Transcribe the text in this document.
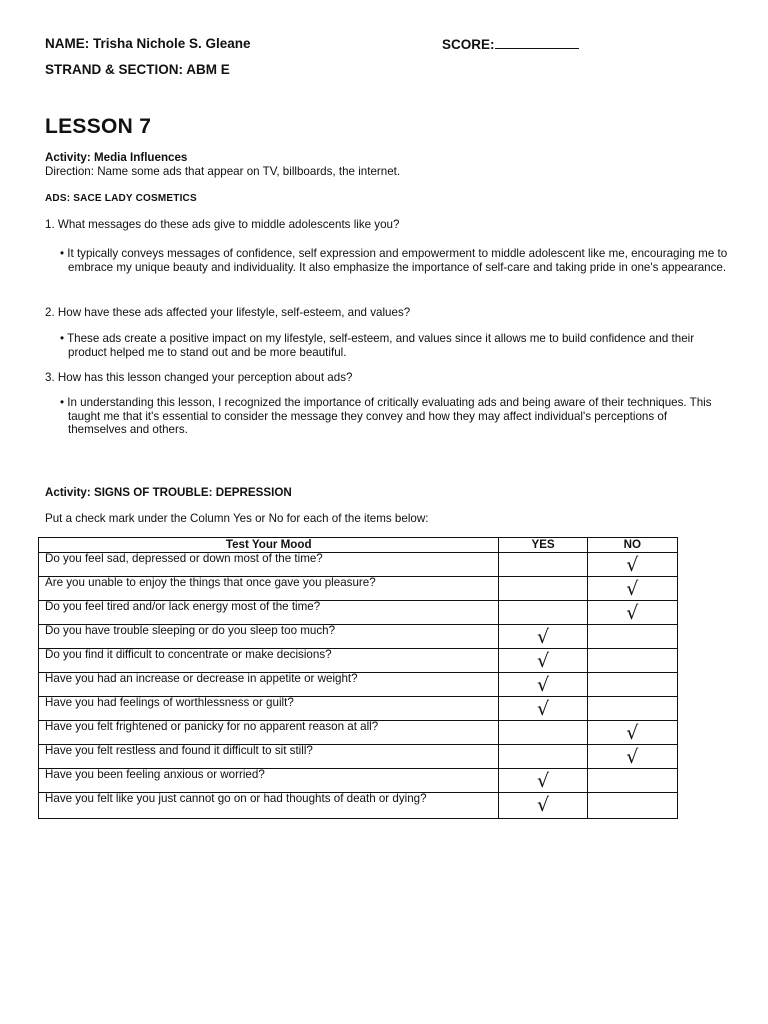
NAME: Trisha Nichole S. Gleane	SCORE:
STRAND & SECTION: ABM E
LESSON 7
Activity: Media Influences
Direction: Name some ads that appear on TV, billboards, the internet.
ADS: SACE LADY COSMETICS
1. What messages do these ads give to middle adolescents like you?
• It typically conveys messages of confidence, self expression and empowerment to middle adolescent like me, encouraging me to embrace my unique beauty and individuality. It also emphasize the importance of self-care and taking pride in one's appearance.
2. How have these ads affected your lifestyle, self-esteem, and values?
• These ads create a positive impact on my lifestyle, self-esteem, and values since it allows me to build confidence and their product helped me to stand out and be more beautiful.
3. How has this lesson changed your perception about ads?
• In understanding this lesson, I recognized the importance of critically evaluating ads and being aware of their techniques. This taught me that it's essential to consider the message they convey and how they may affect individual's perceptions of themselves and others.
Activity: SIGNS OF TROUBLE: DEPRESSION
Put a check mark under the Column Yes or No for each of the items below:
Test Your Mood	YES	NO
Do you feel sad, depressed or down most of the time?		√
Are you unable to enjoy the things that once gave you pleasure?		√
Do you feel tired and/or lack energy most of the time?		√
Do you have trouble sleeping or do you sleep too much?	√	
Do you find it difficult to concentrate or make decisions?	√	
Have you had an increase or decrease in appetite or weight?	√	
Have you had feelings of worthlessness or guilt?	√	
Have you felt frightened or panicky for no apparent reason at all?		√
Have you felt restless and found it difficult to sit still?		√
Have you been feeling anxious or worried?	√	
Have you felt like you just cannot go on or had thoughts of death or dying?	√	
